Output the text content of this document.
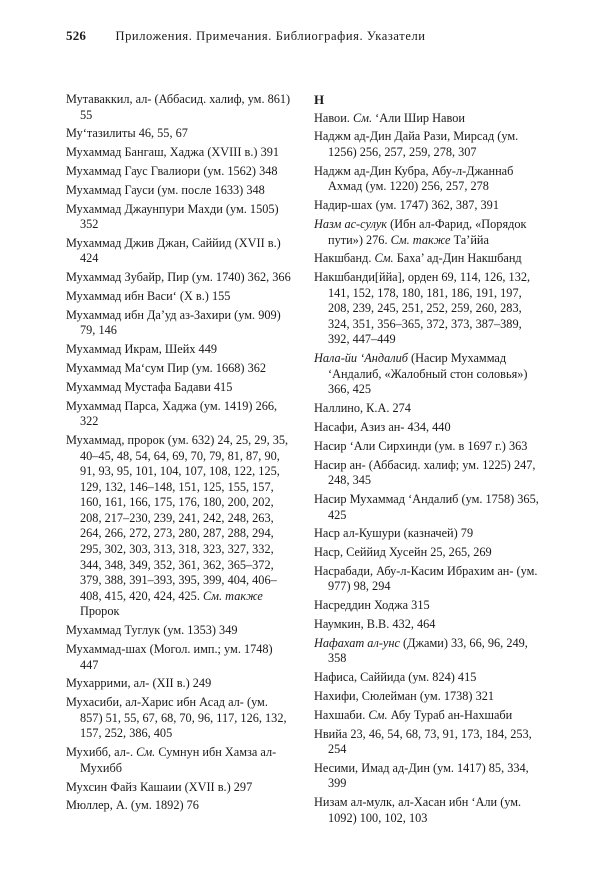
526 Приложения. Примечания. Библиография. Указатели

Мутаваккил, ал- (Аббасид. халиф, ум. 861) 55

Му‘тазилиты 46, 55, 67

Мухаммад Бангаш, Хаджа (XVIII в.) 391

Мухаммад Гаус Гвалиори (ум. 1562) 348

Мухаммад Гауси (ум. после 1633) 348

Мухаммад Джаунпури Махди (ум. 1505) 352

Мухаммад Джив Джан, Саййид (XVII в.) 424

Мухаммад Зубайр, Пир (ум. 1740) 362, 366

Мухаммад ибн Васи‘ (X в.) 155

Мухаммад ибн Да’уд аз-Захири (ум. 909) 79, 146

Мухаммад Икрам, Шейх 449

Мухаммад Ма‘сум Пир (ум. 1668) 362

Мухаммад Мустафа Бадави 415

Мухаммад Парса, Хаджа (ум. 1419) 266, 322

Мухаммад, пророк (ум. 632) 24, 25, 29, 35, 40–45, 48, 54, 64, 69, 70, 79, 81, 87, 90, 91, 93, 95, 101, 104, 107, 108, 122, 125, 129, 132, 146–148, 151, 125, 155, 157, 160, 161, 166, 175, 176, 180, 200, 202, 208, 217–230, 239, 241, 242, 248, 263, 264, 266, 272, 273, 280, 287, 288, 294, 295, 302, 303, 313, 318, 323, 327, 332, 344, 348, 349, 352, 361, 362, 365–372, 379, 388, 391–393, 395, 399, 404, 406–408, 415, 420, 424, 425. См. также Пророк

Мухаммад Туглук (ум. 1353) 349

Мухаммад-шах (Могол. имп.; ум. 1748) 447

Мухаррими, ал- (XII в.) 249

Мухасиби, ал-Харис ибн Асад ал- (ум. 857) 51, 55, 67, 68, 70, 96, 117, 126, 132, 157, 252, 386, 405

Мухибб, ал-. См. Сумнун ибн Хамза ал-Мухибб

Мухсин Файз Кашаии (XVII в.) 297

Мюллер, А. (ум. 1892) 76

Н

Навои. См. ‘Али Шир Навои

Наджм ад-Дин Дайа Рази, Мирсад (ум. 1256) 256, 257, 259, 278, 307

Наджм ад-Дин Кубра, Абу-л-Джаннаб Ахмад (ум. 1220) 256, 257, 278

Надир-шах (ум. 1747) 362, 387, 391

Назм ас-сулук (Ибн ал-Фарид, «Порядок пути») 276. См. также Та’ййа

Накшбанд. См. Баха’ ад-Дин Накшбанд

Накшбанди[ййа], орден 69, 114, 126, 132, 141, 152, 178, 180, 181, 186, 191, 197, 208, 239, 245, 251, 252, 259, 260, 283, 324, 351, 356–365, 372, 373, 387–389, 392, 447–449

Нала-йи ‘Андалиб (Насир Мухаммад ‘Андалиб, «Жалобный стон соловья») 366, 425

Наллино, К.А. 274

Насафи, Азиз ан- 434, 440

Насир ‘Али Сирхинди (ум. в 1697 г.) 363

Насир ан- (Аббасид. халиф; ум. 1225) 247, 248, 345

Насир Мухаммад ‘Андалиб (ум. 1758) 365, 425

Наср ал-Кушури (казначей) 79

Наср, Сеййид Хусейн 25, 265, 269

Насрабади, Абу-л-Касим Ибрахим ан- (ум. 977) 98, 294

Насреддин Ходжа 315

Наумкин, В.В. 432, 464

Нафахат ал-унс (Джами) 33, 66, 96, 249, 358

Нафиса, Саййида (ум. 824) 415

Нахифи, Сюлейман (ум. 1738) 321

Нахшаби. См. Абу Тураб ан-Нахшаби

Нвийа 23, 46, 54, 68, 73, 91, 173, 184, 253, 254

Несими, Имад ад-Дин (ум. 1417) 85, 334, 399

Низам ал-мулк, ал-Хасан ибн ‘Али (ум. 1092) 100, 102, 103
